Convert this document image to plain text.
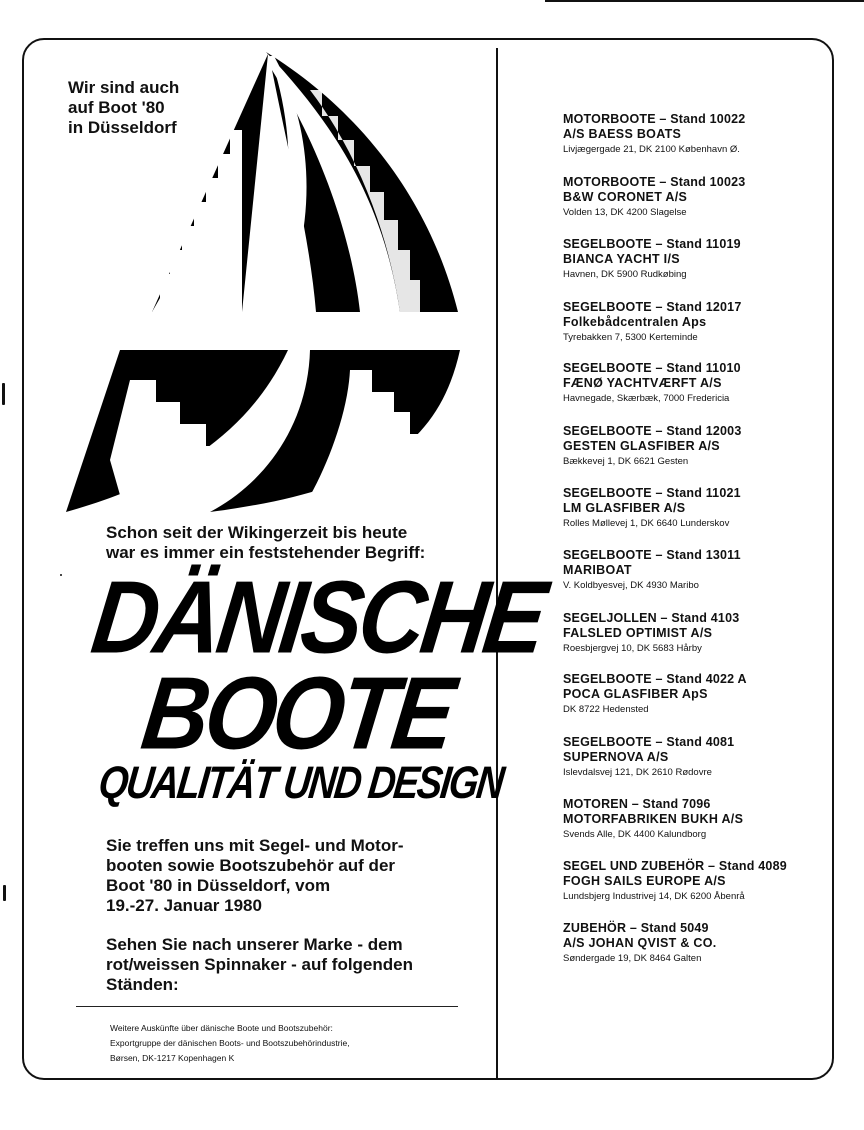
Wir sind auch
auf Boot '80
in Düsseldorf
Schon seit der Wikingerzeit bis heute
war es immer ein feststehender Begriff:
DÄNISCHE
BOOTE
QUALITÄT UND DESIGN
Sie treffen uns mit Segel- und Motor-
booten sowie Bootszubehör auf der
Boot '80 in Düsseldorf, vom
19.-27. Januar 1980
Sehen Sie nach unserer Marke - dem
rot/weissen Spinnaker - auf folgenden
Ständen:
Weitere Auskünfte über dänische Boote und Bootszubehör:
Exportgruppe der dänischen Boots- und Bootszubehörindustrie,
Børsen, DK-1217 Kopenhagen K
MOTORBOOTE – Stand 10022
A/S BAESS BOATS
Livjægergade 21, DK 2100 København Ø.
MOTORBOOTE – Stand 10023
B&W CORONET A/S
Volden 13, DK 4200 Slagelse
SEGELBOOTE – Stand 11019
BIANCA YACHT I/S
Havnen, DK 5900 Rudkøbing
SEGELBOOTE – Stand 12017
Folkebådcentralen Aps
Tyrebakken 7, 5300 Kerteminde
SEGELBOOTE – Stand 11010
FÆNØ YACHTVÆRFT A/S
Havnegade, Skærbæk, 7000 Fredericia
SEGELBOOTE – Stand 12003
GESTEN GLASFIBER A/S
Bækkevej 1, DK 6621 Gesten
SEGELBOOTE – Stand 11021
LM GLASFIBER A/S
Rolles Møllevej 1, DK 6640 Lunderskov
SEGELBOOTE – Stand 13011
MARIBOAT
V. Koldbyesvej, DK 4930 Maribo
SEGELJOLLEN – Stand 4103
FALSLED OPTIMIST A/S
Roesbjergvej 10, DK 5683 Hårby
SEGELBOOTE – Stand 4022 A
POCA GLASFIBER ApS
DK 8722 Hedensted
SEGELBOOTE – Stand 4081
SUPERNOVA A/S
Islevdalsvej 121, DK 2610 Rødovre
MOTOREN – Stand 7096
MOTORFABRIKEN BUKH A/S
Svends Alle, DK 4400 Kalundborg
SEGEL UND ZUBEHÖR – Stand 4089
FOGH SAILS EUROPE A/S
Lundsbjerg Industrivej 14, DK 6200 Åbenrå
ZUBEHÖR – Stand 5049
A/S JOHAN QVIST & CO.
Søndergade 19, DK 8464 Galten
